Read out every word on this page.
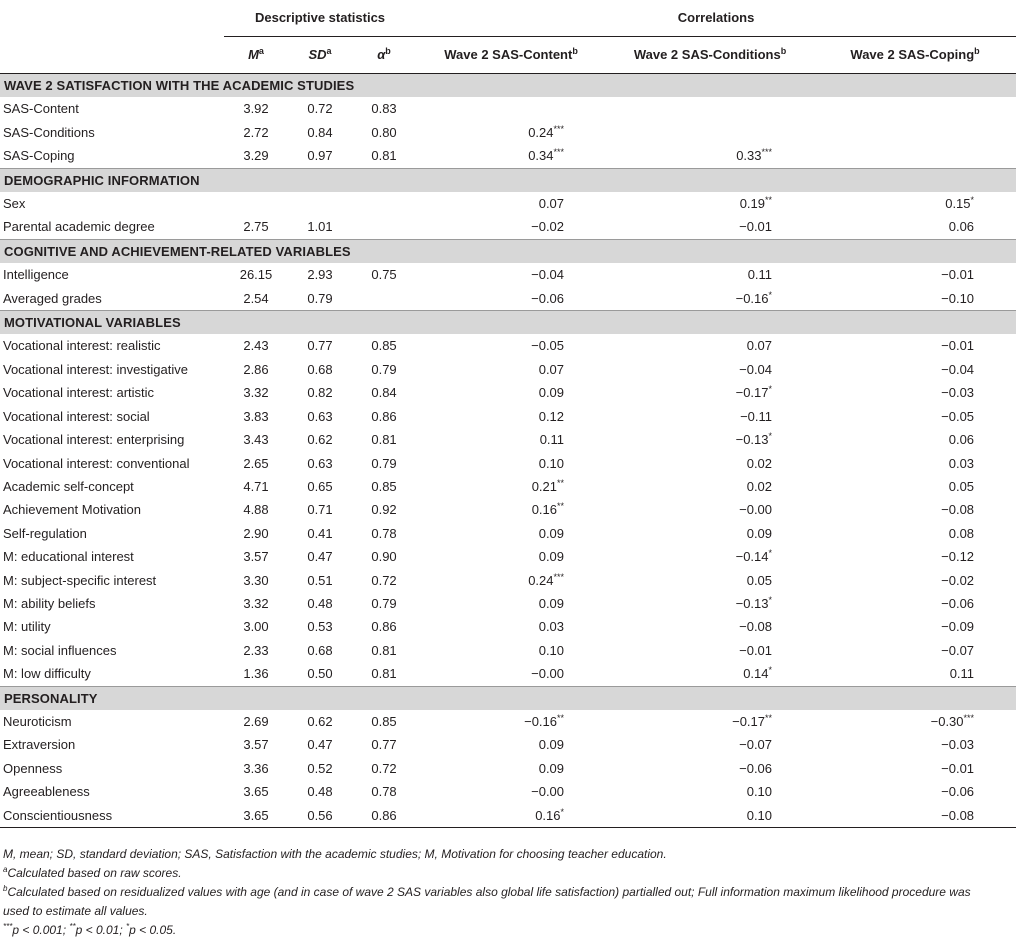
	Descriptive statistics			Correlations		
	$M^a$	$SD^a$	$\alpha^b$	Wave 2 SAS-Content$^b$	Wave 2 SAS-Conditions$^b$	Wave 2 SAS-Coping$^b$
WAVE 2 SATISFACTION WITH THE ACADEMIC STUDIES						
SAS-Content	3.92	0.72	0.83			
SAS-Conditions	2.72	0.84	0.80	0.24***		
SAS-Coping	3.29	0.97	0.81	0.34***	0.33***	
DEMOGRAPHIC INFORMATION						
Sex				0.07	0.19**	0.15*
Parental academic degree	2.75	1.01		−0.02	−0.01	0.06
COGNITIVE AND ACHIEVEMENT-RELATED VARIABLES						
Intelligence	26.15	2.93	0.75	−0.04	0.11	−0.01
Averaged grades	2.54	0.79		−0.06	−0.16*	−0.10
MOTIVATIONAL VARIABLES						
Vocational interest: realistic	2.43	0.77	0.85	−0.05	0.07	−0.01
Vocational interest: investigative	2.86	0.68	0.79	0.07	−0.04	−0.04
Vocational interest: artistic	3.32	0.82	0.84	0.09	−0.17*	−0.03
Vocational interest: social	3.83	0.63	0.86	0.12	−0.11	−0.05
Vocational interest: enterprising	3.43	0.62	0.81	0.11	−0.13*	0.06
Vocational interest: conventional	2.65	0.63	0.79	0.10	0.02	0.03
Academic self-concept	4.71	0.65	0.85	0.21**	0.02	0.05
Achievement Motivation	4.88	0.71	0.92	0.16**	−0.00	−0.08
Self-regulation	2.90	0.41	0.78	0.09	0.09	0.08
M: educational interest	3.57	0.47	0.90	0.09	−0.14*	−0.12
M: subject-specific interest	3.30	0.51	0.72	0.24***	0.05	−0.02
M: ability beliefs	3.32	0.48	0.79	0.09	−0.13*	−0.06
M: utility	3.00	0.53	0.86	0.03	−0.08	−0.09
M: social influences	2.33	0.68	0.81	0.10	−0.01	−0.07
M: low difficulty	1.36	0.50	0.81	−0.00	0.14*	0.11
PERSONALITY						
Neuroticism	2.69	0.62	0.85	−0.16**	−0.17**	−0.30***
Extraversion	3.57	0.47	0.77	0.09	−0.07	−0.03
Openness	3.36	0.52	0.72	0.09	−0.06	−0.01
Agreeableness	3.65	0.48	0.78	−0.00	0.10	−0.06
Conscientiousness	3.65	0.56	0.86	0.16*	0.10	−0.08
M, mean; SD, standard deviation; SAS, Satisfaction with the academic studies; M, Motivation for choosing teacher education.
$^a$Calculated based on raw scores.
$^b$Calculated based on residualized values with age (and in case of wave 2 SAS variables also global life satisfaction) partialled out; Full information maximum likelihood procedure was
used to estimate all values.
***p < 0.001; **p < 0.01; *p < 0.05.
